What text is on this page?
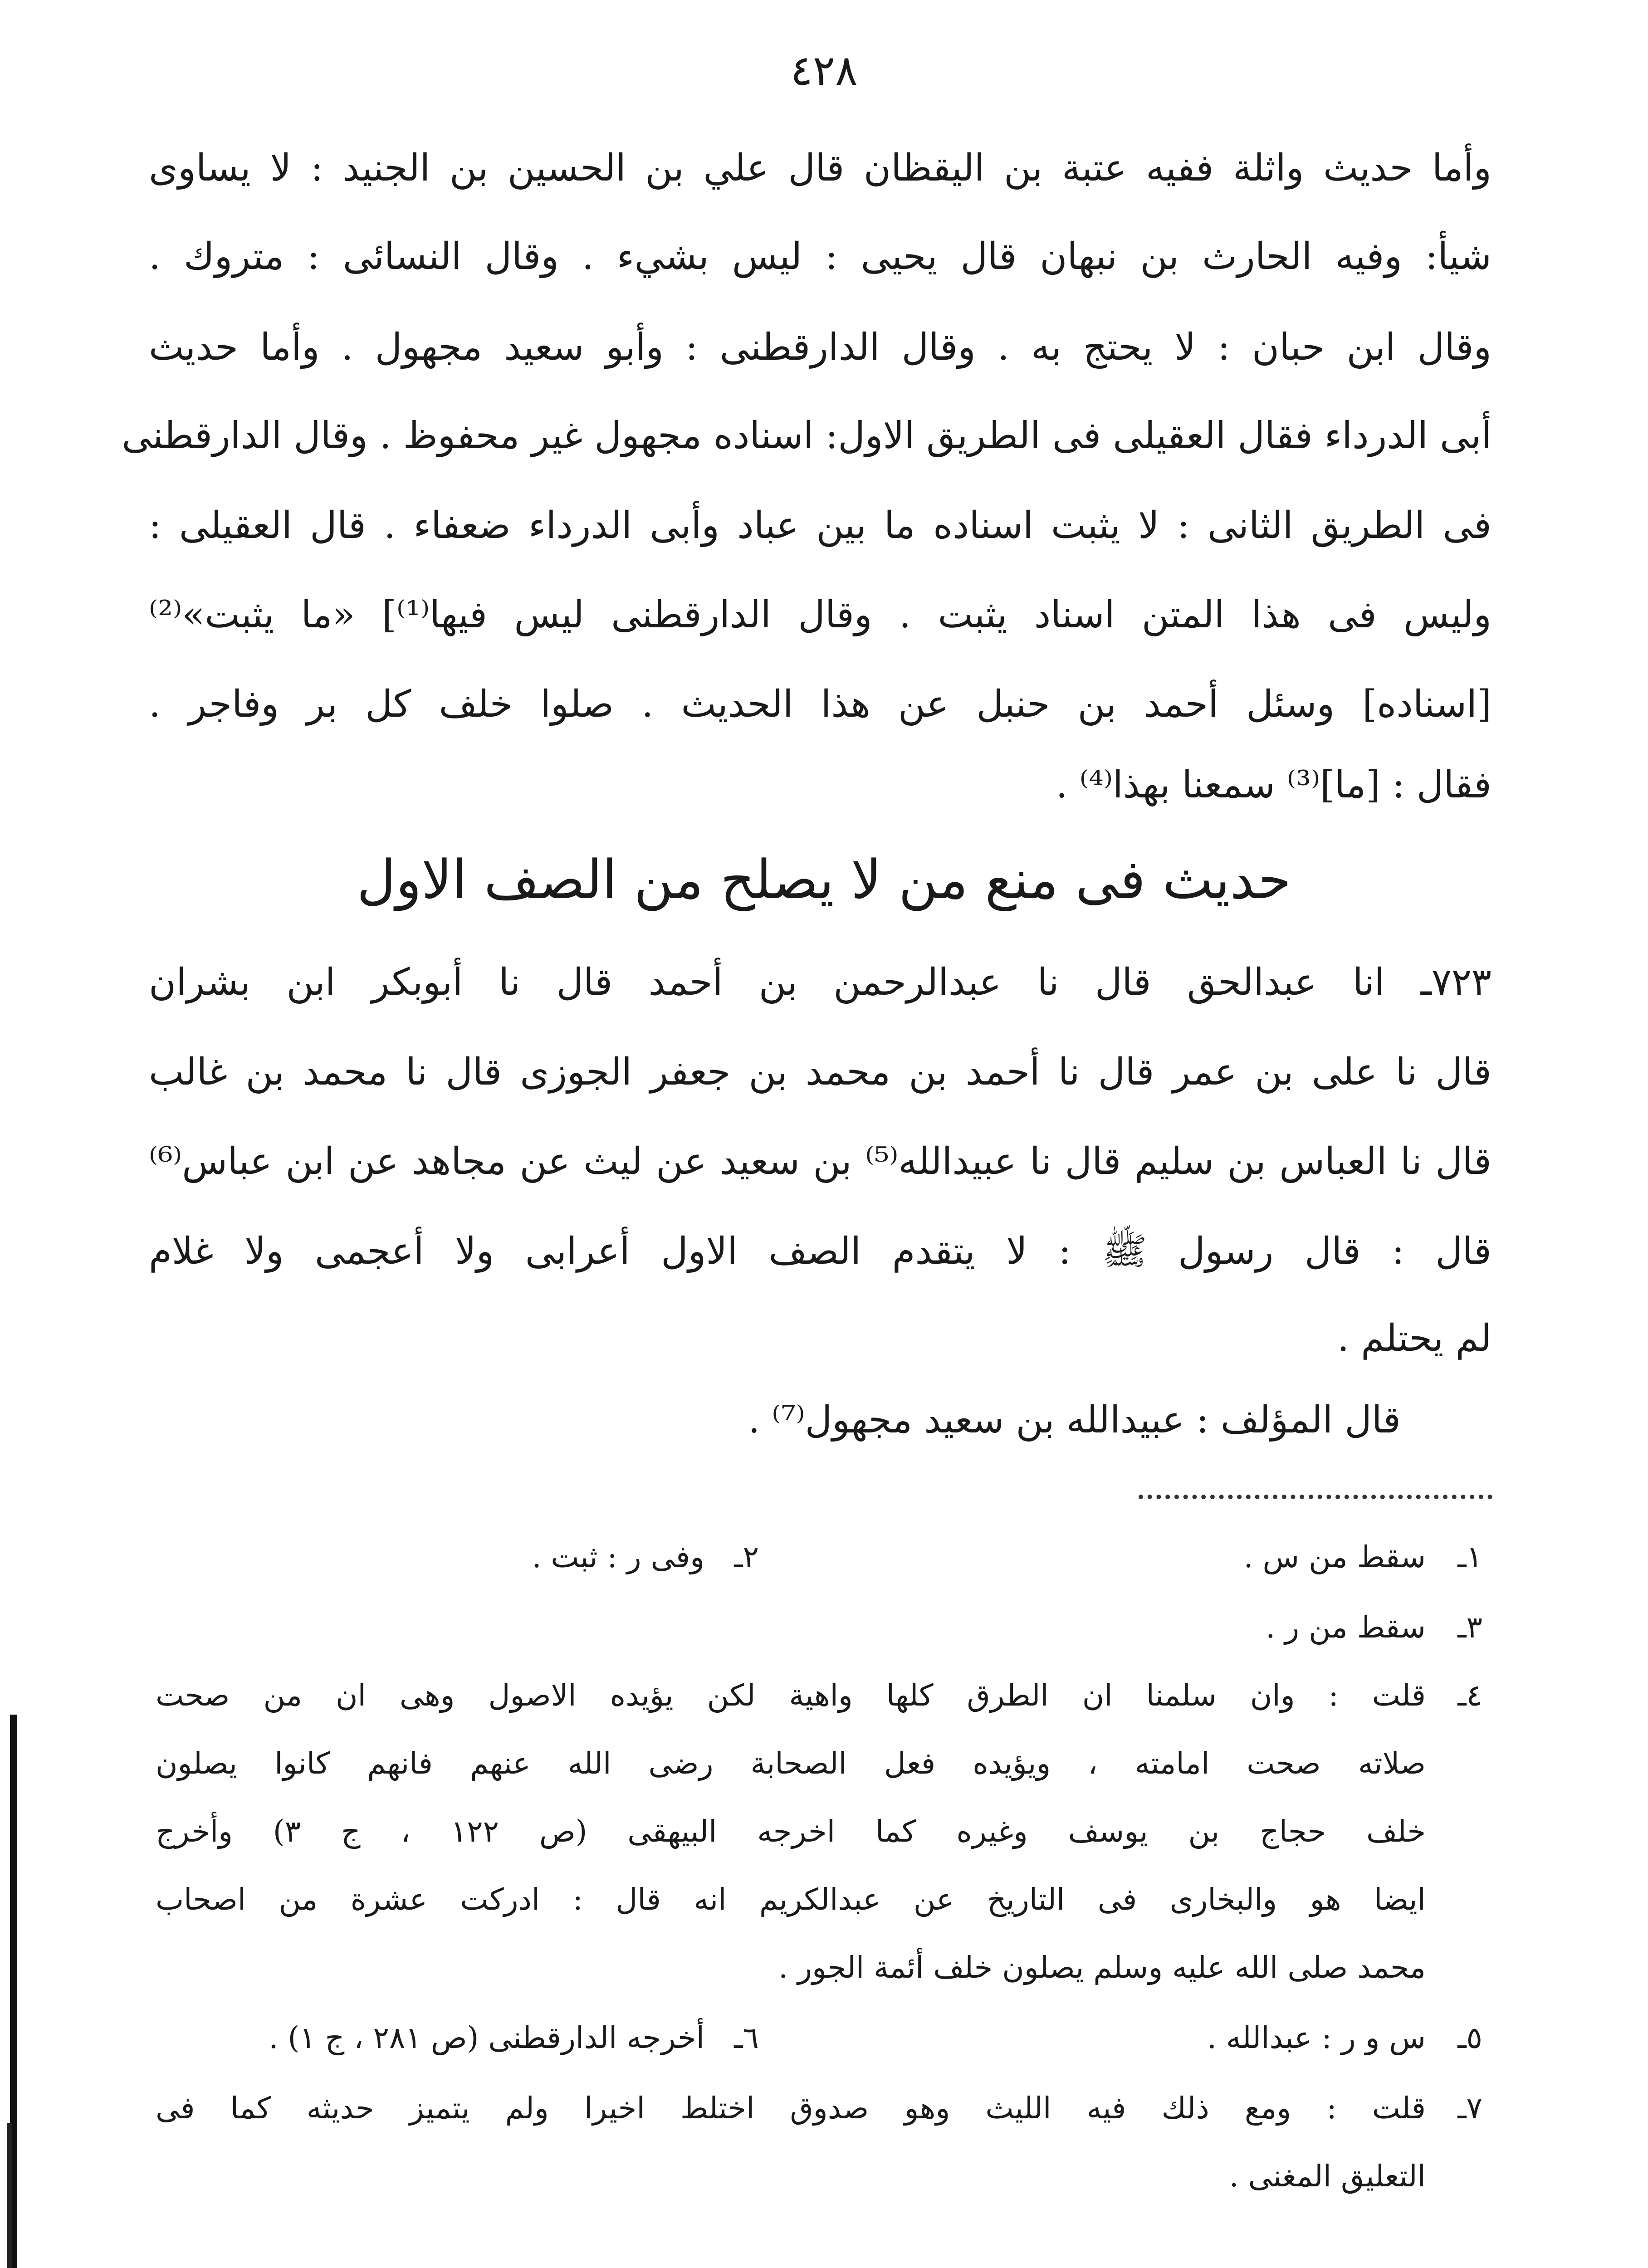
٤٢٨
وأما حديث واثلة ففيه عتبة بن اليقظان قال علي بن الحسين بن الجنيد : لا يساوى
شيأ: وفيه الحارث بن نبهان قال يحيى : ليس بشيء . وقال النسائى : متروك .
وقال ابن حبان : لا يحتج به . وقال الدارقطنى : وأبو سعيد مجهول . وأما حديث
أبى الدرداء فقال العقيلى فى الطريق الاول: اسناده مجهول غير محفوظ . وقال الدارقطنى
فى الطريق الثانى : لا يثبت اسناده ما بين عباد وأبى الدرداء ضعفاء . قال العقيلى :
وليس فى هذا المتن اسناد يثبت . وقال الدارقطنى ليس فيها⁽¹⁾] «ما يثبت»⁽²⁾
[اسناده] وسئل أحمد بن حنبل عن هذا الحديث . صلوا خلف كل بر وفاجر .
فقال : [ما]⁽³⁾ سمعنا بهذا⁽⁴⁾ .
حديث فى منع من لا يصلح من الصف الاول
٧٢٣ـ انا عبدالحق قال نا عبدالرحمن بن أحمد قال نا أبوبكر ابن بشران
قال نا على بن عمر قال نا أحمد بن محمد بن جعفر الجوزى قال نا محمد بن غالب
قال نا العباس بن سليم قال نا عبيدالله⁽⁵⁾ بن سعيد عن ليث عن مجاهد عن ابن عباس⁽⁶⁾
قال : قال رسول ﷺ : لا يتقدم الصف الاول أعرابى ولا أعجمى ولا غلام
لم يحتلم .
قال المؤلف : عبيدالله بن سعيد مجهول⁽⁷⁾ .
١ـ
سقط من س .
٢ـ
وفى ر : ثبت .
٣ـ
سقط من ر .
٤ـ
قلت : وان سلمنا ان الطرق كلها واهية لكن يؤيده الاصول وهى ان من صحت
صلاته صحت امامته ، ويؤيده فعل الصحابة رضى الله عنهم فانهم كانوا يصلون
خلف حجاج بن يوسف وغيره كما اخرجه البيهقى (ص ١٢٢ ، ج ٣) وأخرج
ايضا هو والبخارى فى التاريخ عن عبدالكريم انه قال : ادركت عشرة من اصحاب
محمد صلى الله عليه وسلم يصلون خلف أئمة الجور .
٥ـ
س و ر : عبدالله .
٦ـ
أخرجه الدارقطنى (ص ٢٨١ ، ج ١) .
٧ـ
قلت : ومع ذلك فيه الليث وهو صدوق اختلط اخيرا ولم يتميز حديثه كما فى
التعليق المغنى .
